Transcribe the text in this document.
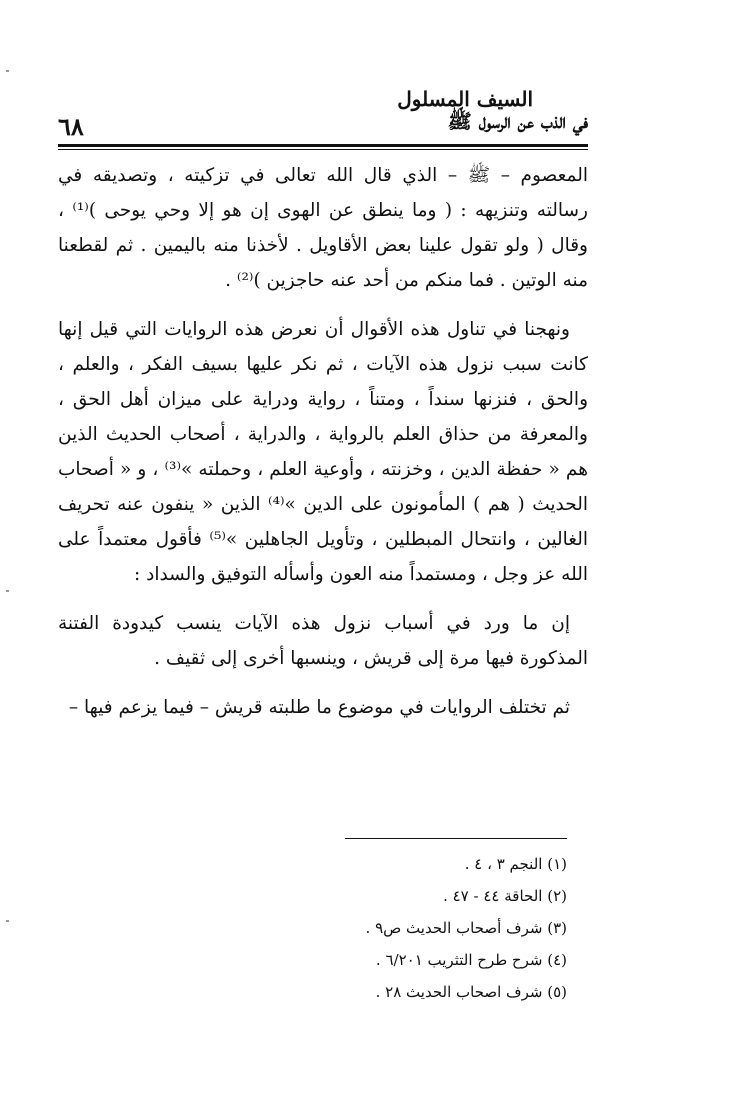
٦٨
السيف المسلول
في الذب عن الرسول ﷺ

المعصوم – ﷺ – الذي قال الله تعالى في تزكيته ، وتصديقه في رسالته وتنزيهه : ( وما ينطق عن الهوى إن هو إلا وحي يوحى )⁽¹⁾ ، وقال ( ولو تقول علينا بعض الأقاويل . لأخذنا منه باليمين . ثم لقطعنا منه الوتين . فما منكم من أحد عنه حاجزين )⁽²⁾ .

ونهجنا في تناول هذه الأقوال أن نعرض هذه الروايات التي قيل إنها كانت سبب نزول هذه الآيات ، ثم نكر عليها بسيف الفكر ، والعلم ، والحق ، فنزنها سنداً ، ومتناً ، رواية ودراية على ميزان أهل الحق ، والمعرفة من حذاق العلم بالرواية ، والدراية ، أصحاب الحديث الذين هم « حفظة الدين ، وخزنته ، وأوعية العلم ، وحملته »⁽³⁾ ، و « أصحاب الحديث ( هم ) المأمونون على الدين »⁽⁴⁾ الذين « ينفون عنه تحريف الغالين ، وانتحال المبطلين ، وتأويل الجاهلين »⁽⁵⁾ فأقول معتمداً على الله عز وجل ، ومستمداً منه العون وأسأله التوفيق والسداد :

إن ما ورد في أسباب نزول هذه الآيات ينسب كيدودة الفتنة المذكورة فيها مرة إلى قريش ، وينسبها أخرى إلى ثقيف .

ثم تختلف الروايات في موضوع ما طلبته قريش – فيما يزعم فيها –

(١) النجم ٣ ، ٤ .
(٢) الحاقة ٤٤ - ٤٧ .
(٣) شرف أصحاب الحديث ص٩ .
(٤) شرح طرح التثريب ٦/٢٠١ .
(٥) شرف اصحاب الحديث ٢٨ .
